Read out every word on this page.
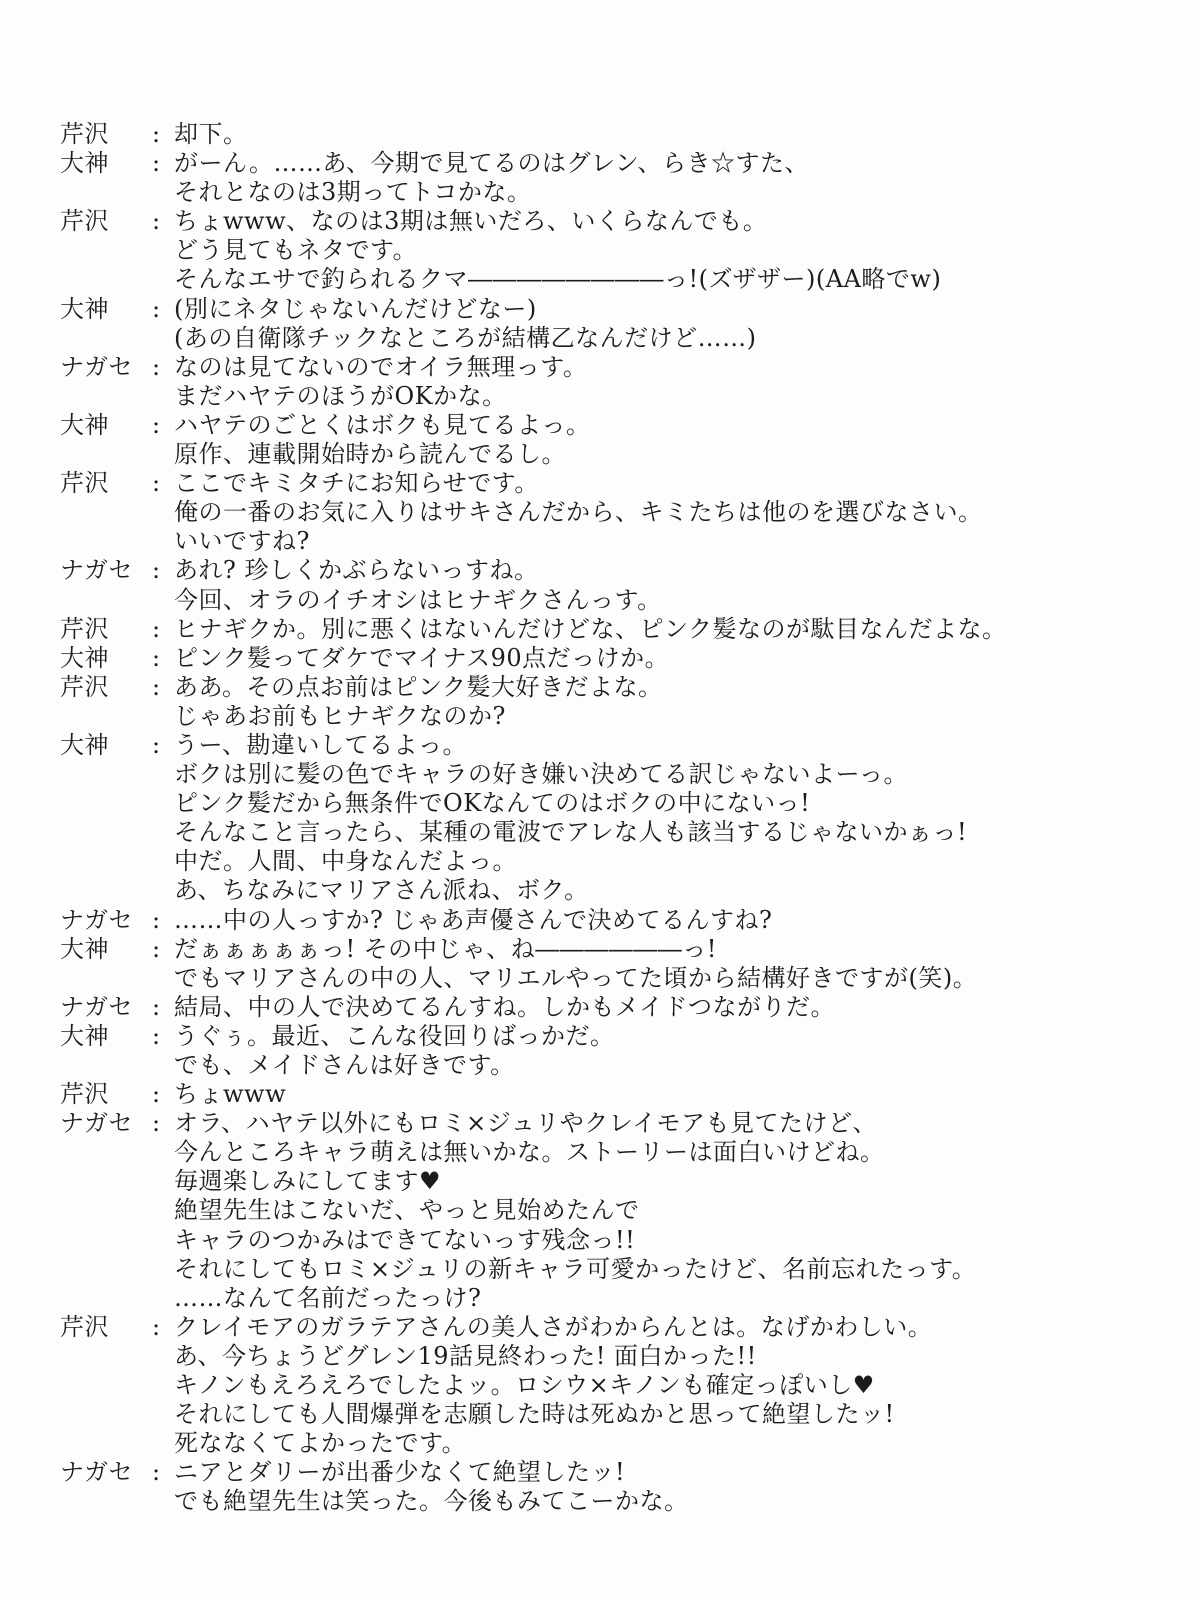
芹沢	: 却下。
大神	: がーん。……あ、今期で見てるのはグレン、らき☆すた、
それとなのは3期ってトコかな。
芹沢	: ちょwww、なのは3期は無いだろ、いくらなんでも。
どう見てもネタです。
そんなエサで釣られるクマ――――――――っ!(ズザザー)(AA略でw)
大神	: (別にネタじゃないんだけどなー)
(あの自衛隊チックなところが結構乙なんだけど……)
ナガセ : なのは見てないのでオイラ無理っす。
まだハヤテのほうがOKかな。
大神	: ハヤテのごとくはボクも見てるよっ。
原作、連載開始時から読んでるし。
芹沢	: ここでキミタチにお知らせです。
俺の一番のお気に入りはサキさんだから、キミたちは他のを選びなさい。
いいですね?
ナガセ : あれ? 珍しくかぶらないっすね。
今回、オラのイチオシはヒナギクさんっす。
芹沢	: ヒナギクか。別に悪くはないんだけどな、ピンク髪なのが駄目なんだよな。
大神	: ピンク髪ってダケでマイナス90点だっけか。
芹沢	: ああ。その点お前はピンク髪大好きだよな。
じゃあお前もヒナギクなのか?
大神	: うー、勘違いしてるよっ。
ボクは別に髪の色でキャラの好き嫌い決めてる訳じゃないよーっ。
ピンク髪だから無条件でOKなんてのはボクの中にないっ!
そんなこと言ったら、某種の電波でアレな人も該当するじゃないかぁっ!
中だ。人間、中身なんだよっ。
あ、ちなみにマリアさん派ね、ボク。
ナガセ : ……中の人っすか? じゃあ声優さんで決めてるんすね?
大神	: だぁぁぁぁぁっ! その中じゃ、ね――――――っ!
でもマリアさんの中の人、マリエルやってた頃から結構好きですが(笑)。
ナガセ : 結局、中の人で決めてるんすね。しかもメイドつながりだ。
大神	: うぐぅ。最近、こんな役回りばっかだ。
でも、メイドさんは好きです。
芹沢	: ちょwww
ナガセ : オラ、ハヤテ以外にもロミ×ジュリやクレイモアも見てたけど、
今んところキャラ萌えは無いかな。ストーリーは面白いけどね。
毎週楽しみにしてます♥
絶望先生はこないだ、やっと見始めたんで
キャラのつかみはできてないっす残念っ!!
それにしてもロミ×ジュリの新キャラ可愛かったけど、名前忘れたっす。
……なんて名前だったっけ?
芹沢	: クレイモアのガラテアさんの美人さがわからんとは。なげかわしい。
あ、今ちょうどグレン19話見終わった! 面白かった!!
キノンもえろえろでしたよッ。ロシウ×キノンも確定っぽいし♥
それにしても人間爆弾を志願した時は死ぬかと思って絶望したッ!
死ななくてよかったです。
ナガセ : ニアとダリーが出番少なくて絶望したッ!
でも絶望先生は笑った。今後もみてこーかな。
